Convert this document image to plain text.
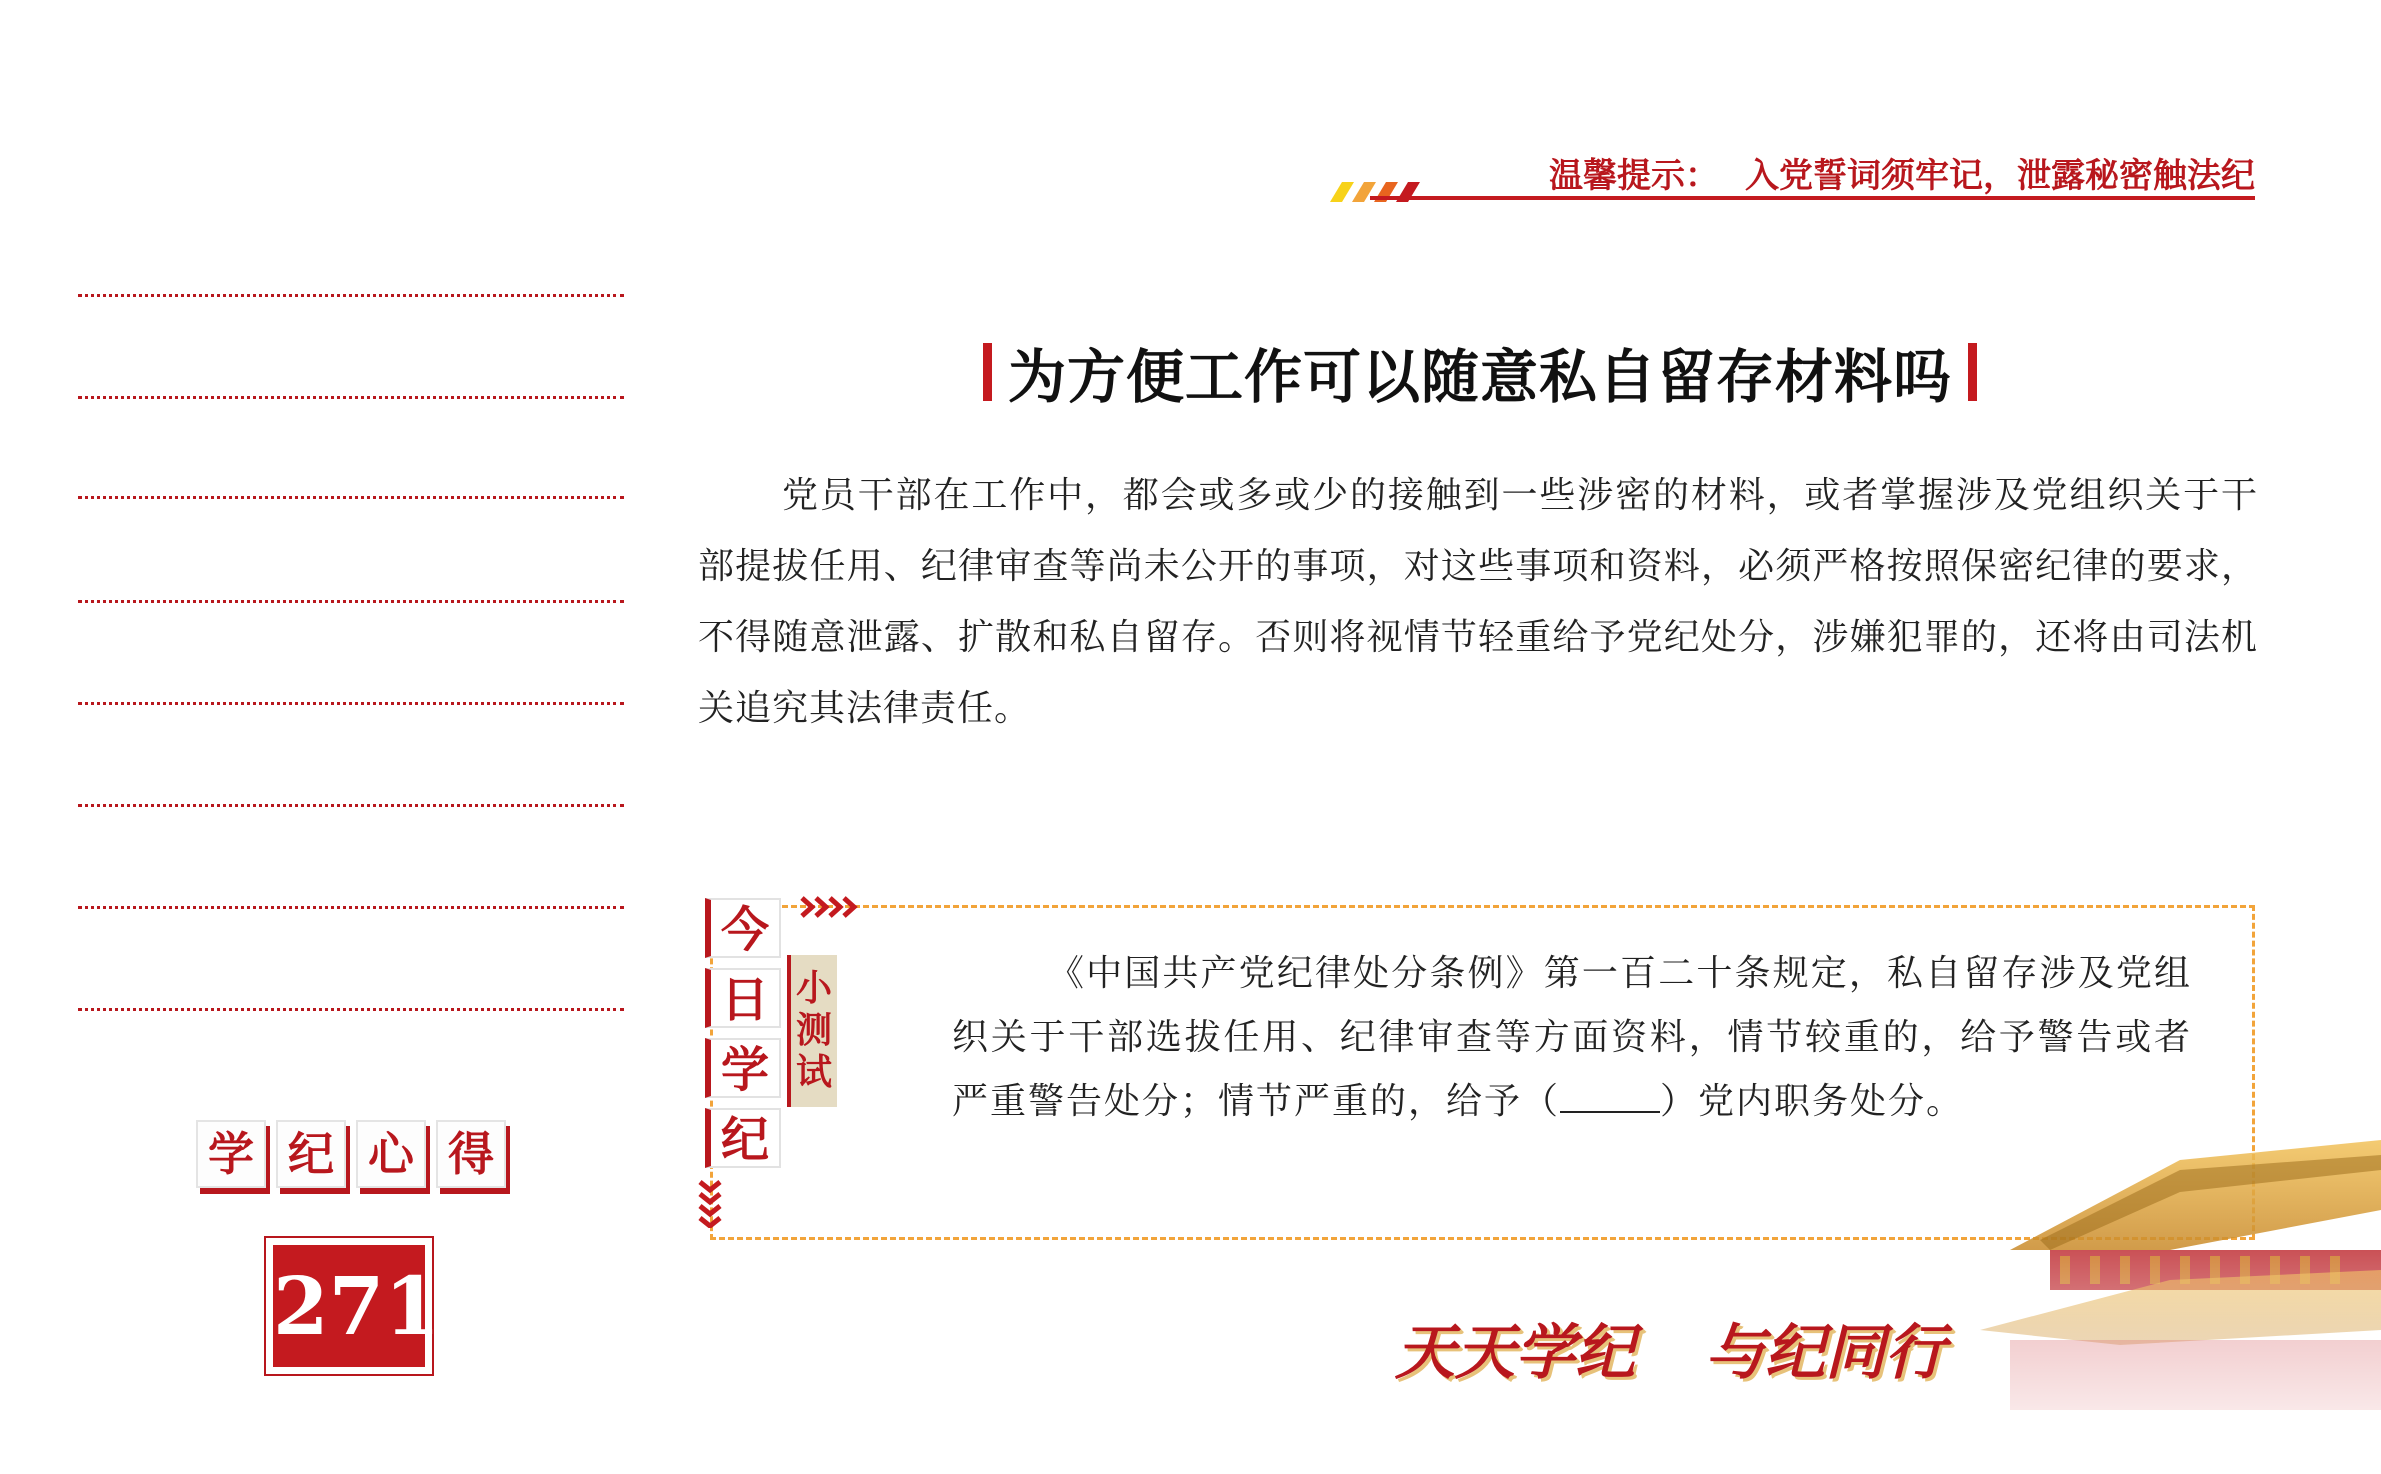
温馨提示： 入党誓词须牢记，泄露秘密触法纪
学 纪 心 得
271
为方便工作可以随意私自留存材料吗
党员干部在工作中，都会或多或少的接触到一些涉密的材料，或者掌握涉及党组织关于干部提拔任用、纪律审查等尚未公开的事项，对这些事项和资料，必须严格按照保密纪律的要求，不得随意泄露、扩散和私自留存。否则将视情节轻重给予党纪处分，涉嫌犯罪的，还将由司法机关追究其法律责任。
今
日
学
纪
小
测
试
《中国共产党纪律处分条例》第一百二十条规定，私自留存涉及党组织关于干部选拔任用、纪律审查等方面资料，情节较重的，给予警告或者严重警告处分；情节严重的，给予（	）党内职务处分。
天天学纪 与纪同行
